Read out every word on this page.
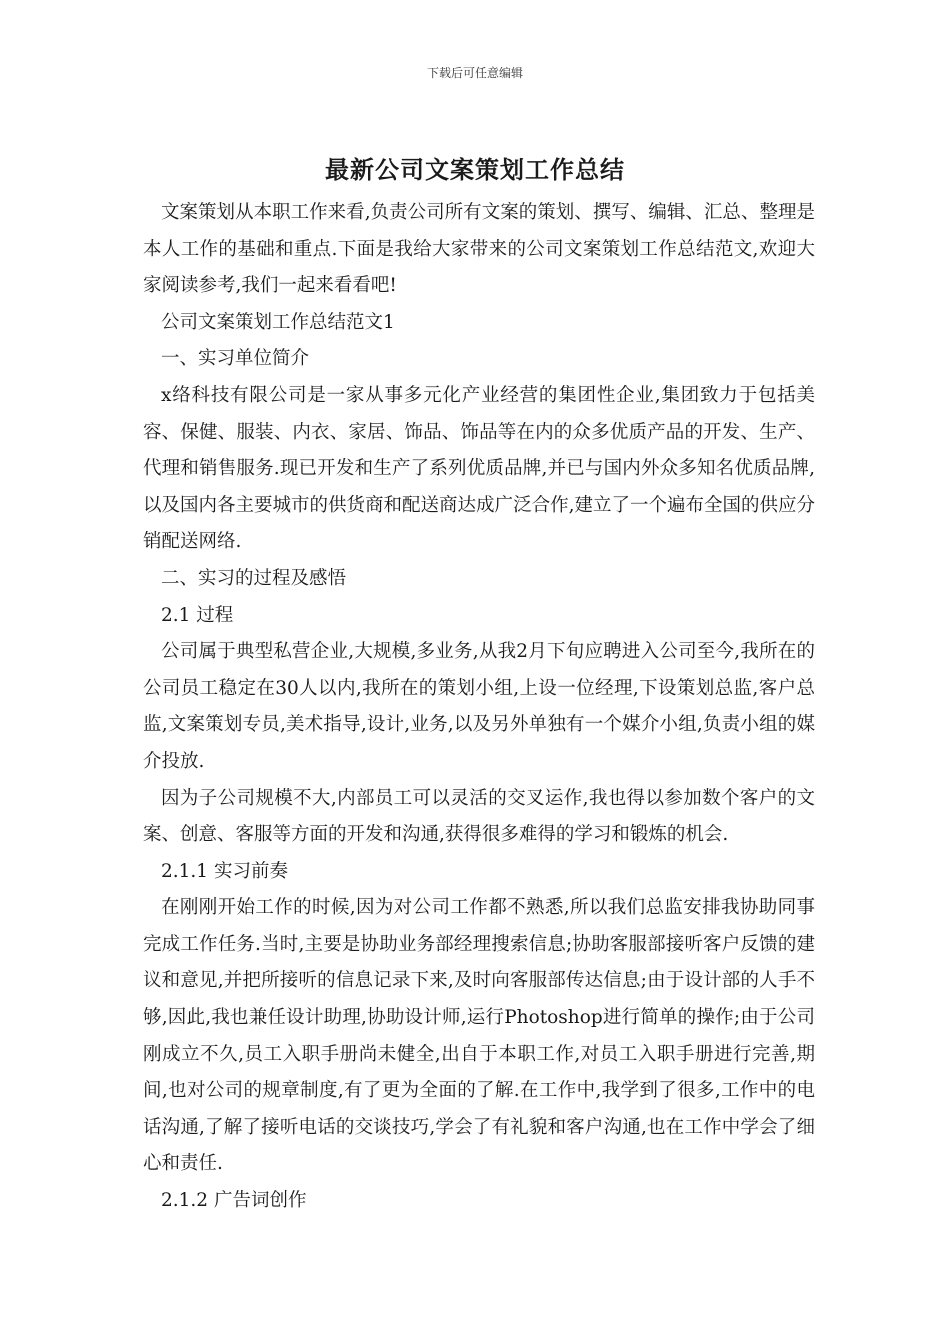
下载后可任意编辑
最新公司文案策划工作总结

文案策划从本职工作来看,负责公司所有文案的策划、撰写、编辑、汇总、整理是本人工作的基础和重点.下面是我给大家带来的公司文案策划工作总结范文,欢迎大家阅读参考,我们一起来看看吧!

公司文案策划工作总结范文1

一、实习单位简介

x络科技有限公司是一家从事多元化产业经营的集团性企业,集团致力于包括美容、保健、服装、内衣、家居、饰品、饰品等在内的众多优质产品的开发、生产、代理和销售服务.现已开发和生产了系列优质品牌,并已与国内外众多知名优质品牌,以及国内各主要城市的供货商和配送商达成广泛合作,建立了一个遍布全国的供应分销配送网络.

二、实习的过程及感悟

2.1 过程

公司属于典型私营企业,大规模,多业务,从我2月下旬应聘进入公司至今,我所在的公司员工稳定在30人以内,我所在的策划小组,上设一位经理,下设策划总监,客户总监,文案策划专员,美术指导,设计,业务,以及另外单独有一个媒介小组,负责小组的媒介投放.

因为子公司规模不大,内部员工可以灵活的交叉运作,我也得以参加数个客户的文案、创意、客服等方面的开发和沟通,获得很多难得的学习和锻炼的机会.

2.1.1 实习前奏

在刚刚开始工作的时候,因为对公司工作都不熟悉,所以我们总监安排我协助同事完成工作任务.当时,主要是协助业务部经理搜索信息;协助客服部接听客户反馈的建议和意见,并把所接听的信息记录下来,及时向客服部传达信息;由于设计部的人手不够,因此,我也兼任设计助理,协助设计师,运行Photoshop进行简单的操作;由于公司刚成立不久,员工入职手册尚未健全,出自于本职工作,对员工入职手册进行完善,期间,也对公司的规章制度,有了更为全面的了解.在工作中,我学到了很多,工作中的电话沟通,了解了接听电话的交谈技巧,学会了有礼貌和客户沟通,也在工作中学会了细心和责任.

2.1.2 广告词创作
